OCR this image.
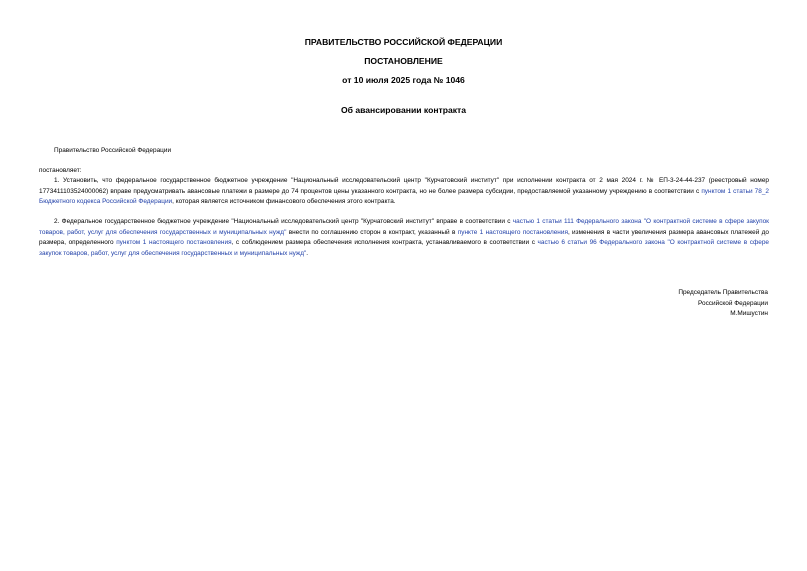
ПРАВИТЕЛЬСТВО РОССИЙСКОЙ ФЕДЕРАЦИИ
ПОСТАНОВЛЕНИЕ
от 10 июля 2025 года № 1046
Об авансировании контракта
Правительство Российской Федерации
постановляет:
1. Установить, что федеральное государственное бюджетное учреждение "Национальный исследовательский центр "Курчатовский институт" при исполнении контракта от 2 мая 2024 г. № ЕП-3-24-44-237 (реестровый номер 1773411103524000062) вправе предусматривать авансовые платежи в размере до 74 процентов цены указанного контракта, но не более размера субсидии, предоставляемой указанному учреждению в соответствии с пунктом 1 статьи 78_2 Бюджетного кодекса Российской Федерации, которая является источником финансового обеспечения этого контракта.
2. Федеральное государственное бюджетное учреждение "Национальный исследовательский центр "Курчатовский институт" вправе в соответствии с частью 1 статьи 111 Федерального закона "О контрактной системе в сфере закупок товаров, работ, услуг для обеспечения государственных и муниципальных нужд" внести по соглашению сторон в контракт, указанный в пункте 1 настоящего постановления, изменения в части увеличения размера авансовых платежей до размера, определенного пунктом 1 настоящего постановления, с соблюдением размера обеспечения исполнения контракта, устанавливаемого в соответствии с частью 6 статьи 96 Федерального закона "О контрактной системе в сфере закупок товаров, работ, услуг для обеспечения государственных и муниципальных нужд".
Председатель Правительства
Российской Федерации
М.Мишустин
